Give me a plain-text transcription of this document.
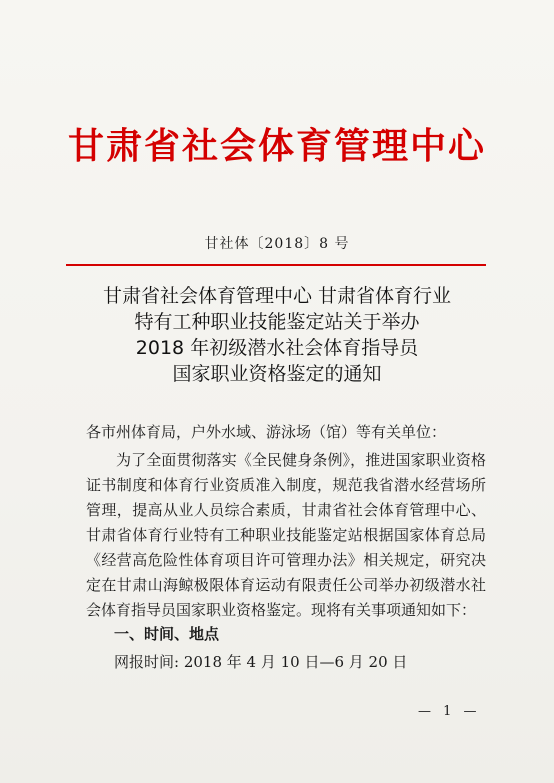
甘肃省社会体育管理中心
甘社体〔2018〕8 号
甘肃省社会体育管理中心 甘肃省体育行业
特有工种职业技能鉴定站关于举办
2018 年初级潜水社会体育指导员
国家职业资格鉴定的通知
各市州体育局，户外水域、游泳场（馆）等有关单位：
为了全面贯彻落实《全民健身条例》，推进国家职业资格证书制度和体育行业资质准入制度，规范我省潜水经营场所管理，提高从业人员综合素质，甘肃省社会体育管理中心、甘肃省体育行业特有工种职业技能鉴定站根据国家体育总局《经营高危险性体育项目许可管理办法》相关规定，研究决定在甘肃山海鲸极限体育运动有限责任公司举办初级潜水社会体育指导员国家职业资格鉴定。现将有关事项通知如下：
一、时间、地点
网报时间: 2018 年 4 月 10 日—6 月 20 日
— 1 —
